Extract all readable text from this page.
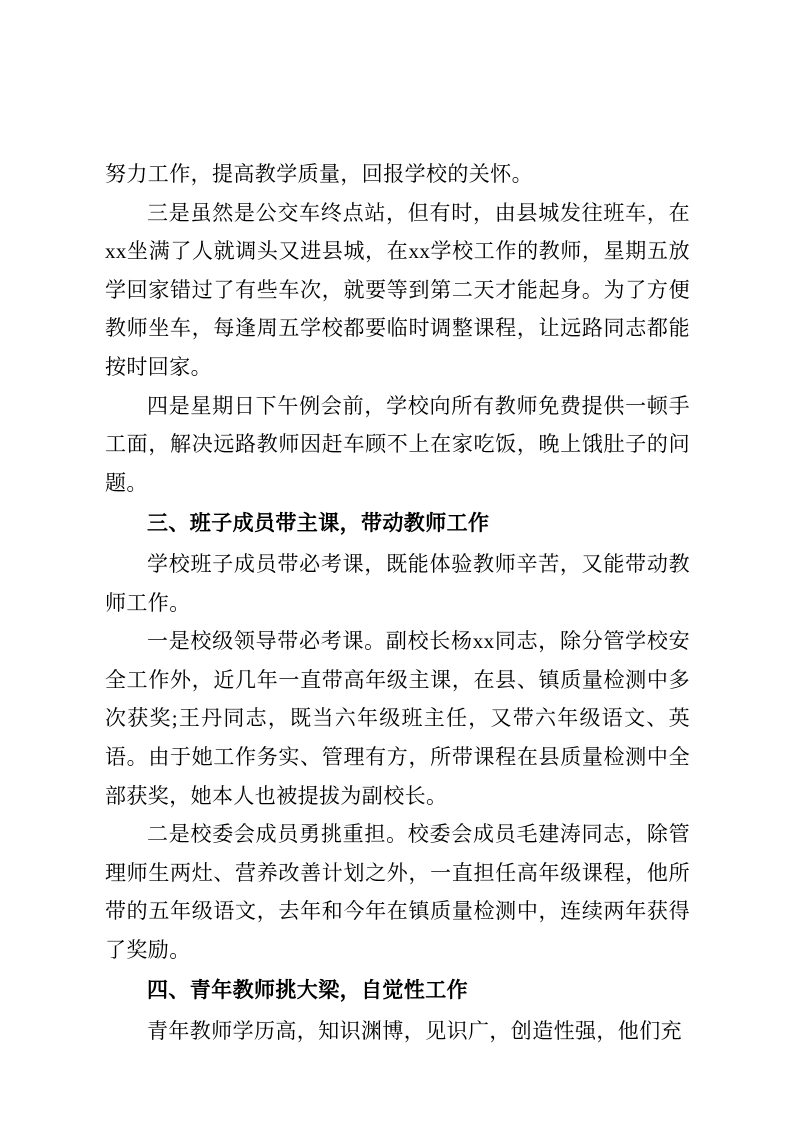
努力工作，提高教学质量，回报学校的关怀。

三是虽然是公交车终点站，但有时，由县城发往班车，在xx坐满了人就调头又进县城，在xx学校工作的教师，星期五放学回家错过了有些车次，就要等到第二天才能起身。为了方便教师坐车，每逢周五学校都要临时调整课程，让远路同志都能按时回家。

四是星期日下午例会前，学校向所有教师免费提供一顿手工面，解决远路教师因赶车顾不上在家吃饭，晚上饿肚子的问题。

三、班子成员带主课，带动教师工作

学校班子成员带必考课，既能体验教师辛苦，又能带动教师工作。

一是校级领导带必考课。副校长杨xx同志，除分管学校安全工作外，近几年一直带高年级主课，在县、镇质量检测中多次获奖;王丹同志，既当六年级班主任，又带六年级语文、英语。由于她工作务实、管理有方，所带课程在县质量检测中全部获奖，她本人也被提拔为副校长。

二是校委会成员勇挑重担。校委会成员毛建涛同志，除管理师生两灶、营养改善计划之外，一直担任高年级课程，他所带的五年级语文，去年和今年在镇质量检测中，连续两年获得了奖励。

四、青年教师挑大梁，自觉性工作

青年教师学历高，知识渊博，见识广，创造性强，他们充
